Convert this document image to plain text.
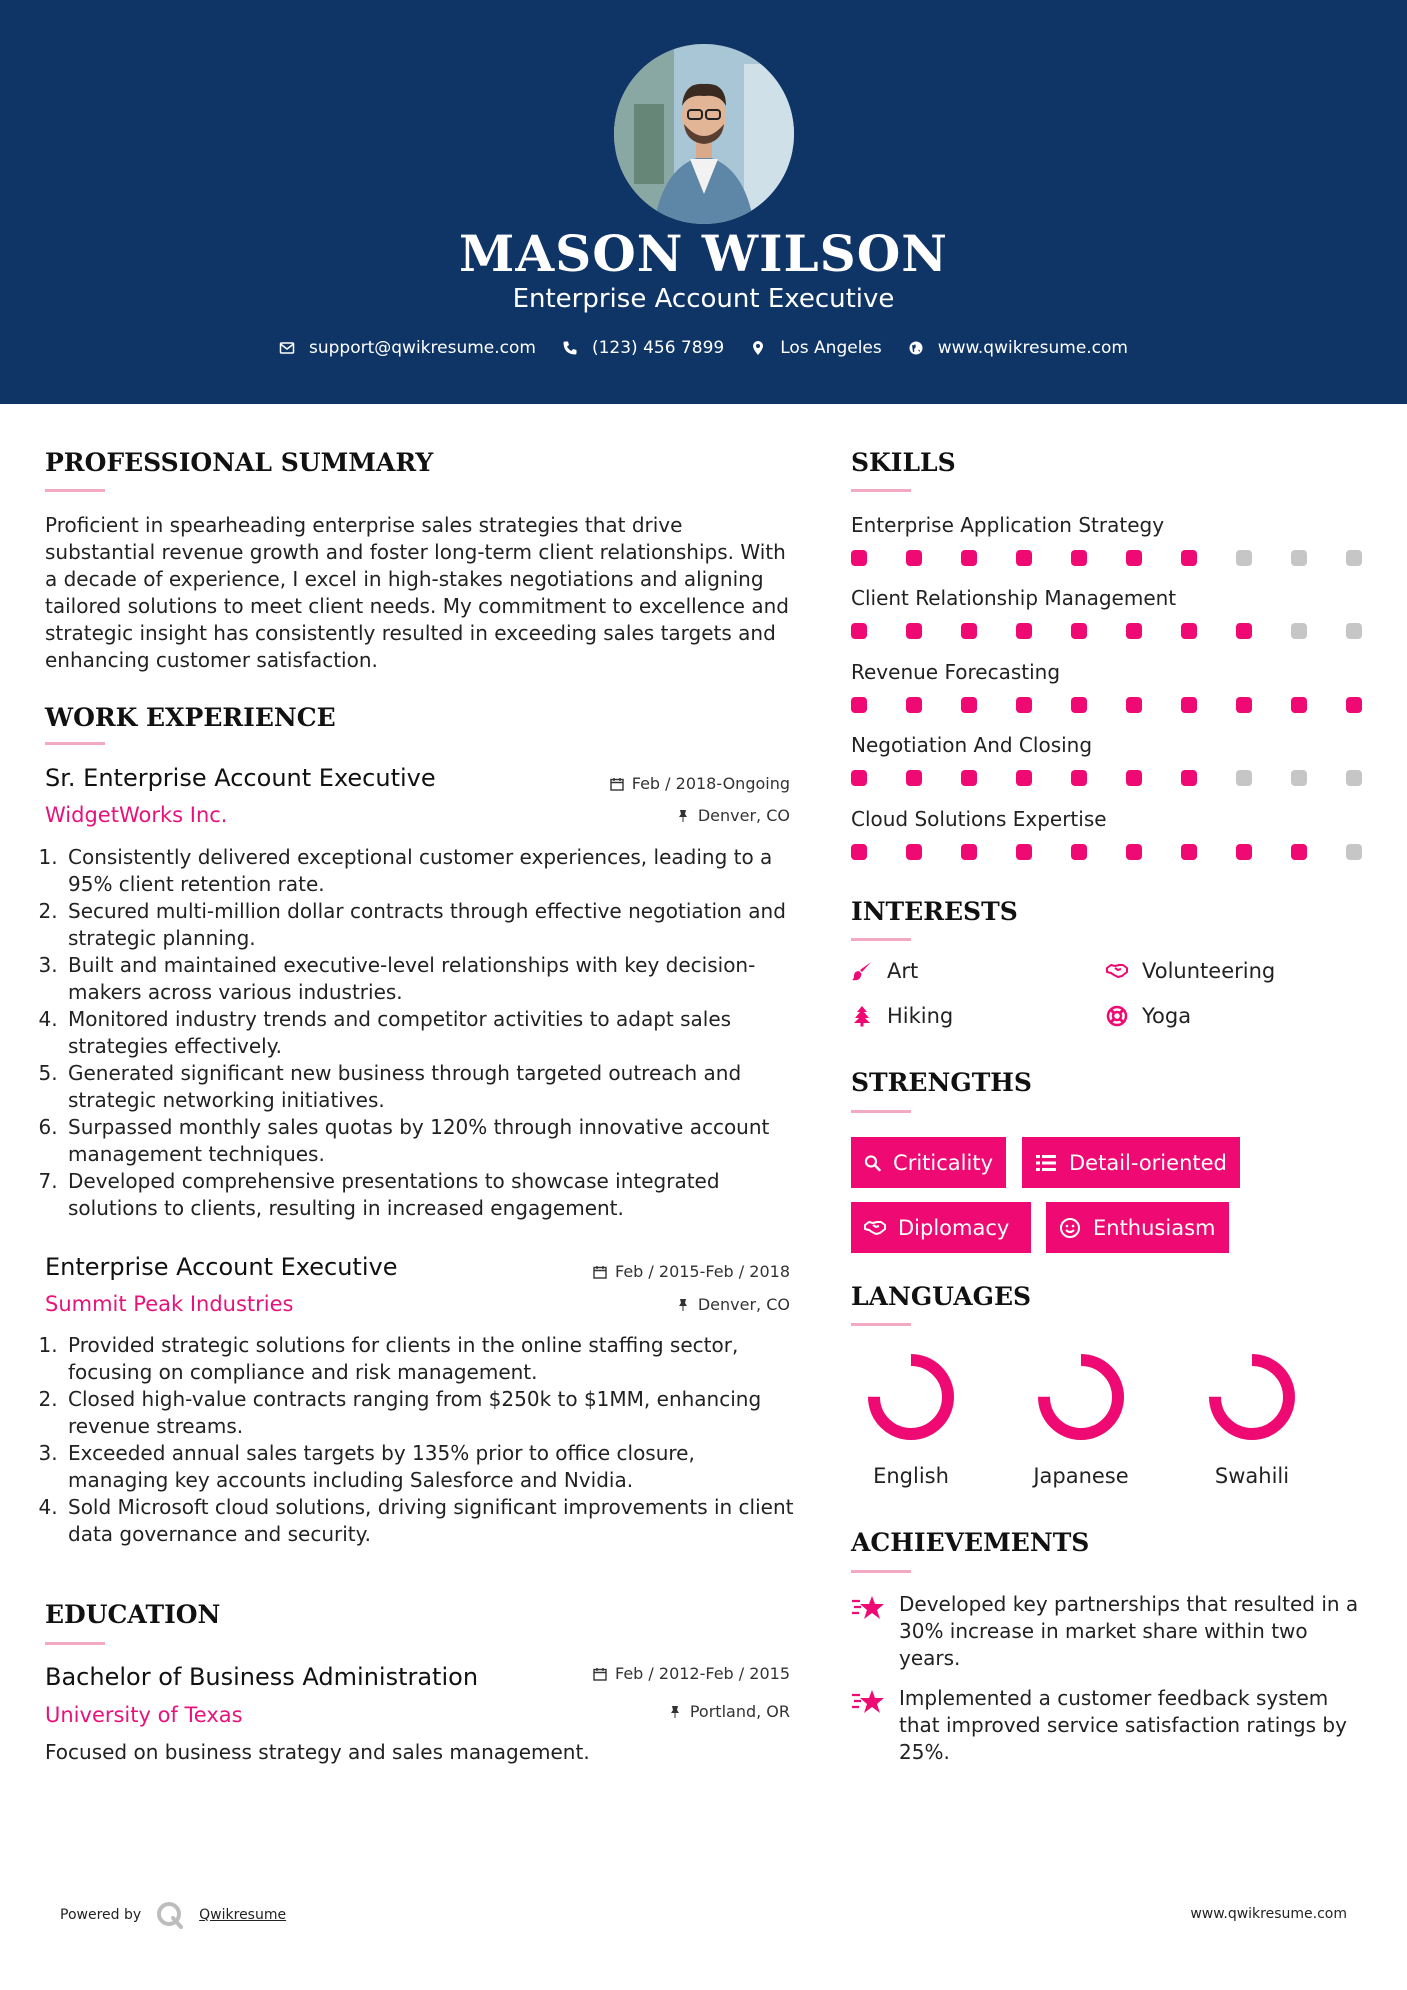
MASON WILSON
Enterprise Account Executive
support@qwikresume.com	(123) 456 7899	Los Angeles	www.qwikresume.com
PROFESSIONAL SUMMARY
Proficient in spearheading enterprise sales strategies that drive substantial revenue growth and foster long-term client relationships. With a decade of experience, I excel in high-stakes negotiations and aligning tailored solutions to meet client needs. My commitment to excellence and strategic insight has consistently resulted in exceeding sales targets and enhancing customer satisfaction.
WORK EXPERIENCE
Sr. Enterprise Account Executive	Feb / 2018-Ongoing
WidgetWorks Inc.	Denver, CO
1. Consistently delivered exceptional customer experiences, leading to a 95% client retention rate.
2. Secured multi-million dollar contracts through effective negotiation and strategic planning.
3. Built and maintained executive-level relationships with key decision-makers across various industries.
4. Monitored industry trends and competitor activities to adapt sales strategies effectively.
5. Generated significant new business through targeted outreach and strategic networking initiatives.
6. Surpassed monthly sales quotas by 120% through innovative account management techniques.
7. Developed comprehensive presentations to showcase integrated solutions to clients, resulting in increased engagement.
Enterprise Account Executive	Feb / 2015-Feb / 2018
Summit Peak Industries	Denver, CO
1. Provided strategic solutions for clients in the online staffing sector, focusing on compliance and risk management.
2. Closed high-value contracts ranging from $250k to $1MM, enhancing revenue streams.
3. Exceeded annual sales targets by 135% prior to office closure, managing key accounts including Salesforce and Nvidia.
4. Sold Microsoft cloud solutions, driving significant improvements in client data governance and security.
EDUCATION
Bachelor of Business Administration	Feb / 2012-Feb / 2015
University of Texas	Portland, OR
Focused on business strategy and sales management.
SKILLS
Enterprise Application Strategy
Client Relationship Management
Revenue Forecasting
Negotiation And Closing
Cloud Solutions Expertise
INTERESTS
Art	Volunteering
Hiking	Yoga
STRENGTHS
Criticality	Detail-oriented
Diplomacy	Enthusiasm
LANGUAGES
English	Japanese	Swahili
ACHIEVEMENTS
Developed key partnerships that resulted in a 30% increase in market share within two years.
Implemented a customer feedback system that improved service satisfaction ratings by 25%.
Powered by	Qwikresume	www.qwikresume.com
